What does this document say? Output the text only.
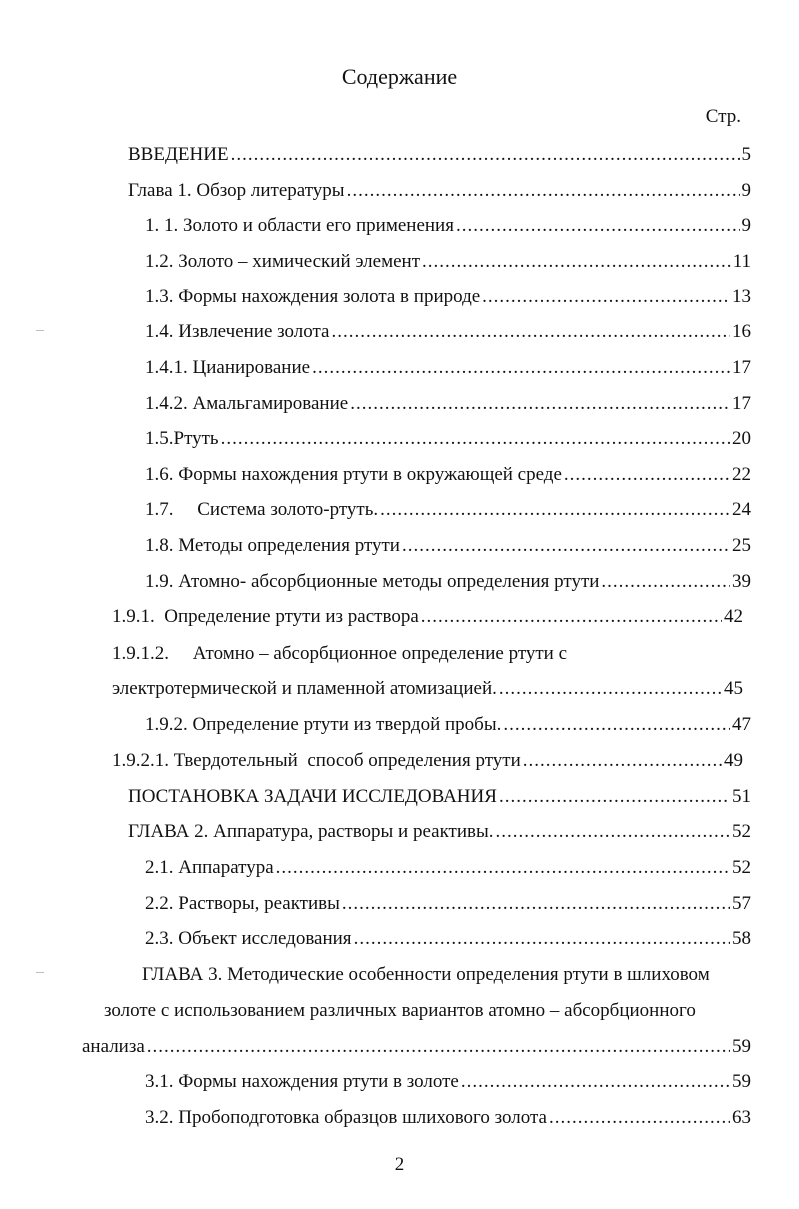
Содержание
Стр.
ВВЕДЕНИЕ .....	5
Глава 1. Обзор литературы .....	9
1. 1. Золото и области его применения .....	9
1.2. Золото – химический элемент .....	11
1.3. Формы нахождения золота в природе .....	13
1.4. Извлечение золота .....	16
1.4.1. Цианирование .....	17
1.4.2. Амальгамирование .....	17
1.5.Ртуть .....	20
1.6. Формы нахождения ртути в окружающей среде .....	22
1.7.     Система золото-ртуть. .....	24
1.8. Методы определения ртути .....	25
1.9. Атомно- абсорбционные методы определения ртути .....	39
1.9.1.  Определение ртути из раствора .....	42
1.9.1.2.     Атомно – абсорбционное определение ртути с
электротермической и пламенной атомизацией. .....	45
1.9.2. Определение ртути из твердой пробы. .....	47
1.9.2.1. Твердотельный  способ определения ртути .....	49
ПОСТАНОВКА ЗАДАЧИ ИССЛЕДОВАНИЯ .....	51
ГЛАВА 2. Аппаратура, растворы и реактивы. .....	52
2.1. Аппаратура .....	52
2.2. Растворы, реактивы .....	57
2.3. Объект исследования .....	58
ГЛАВА 3. Методические особенности определения ртути в шлиховом
золоте с использованием различных вариантов атомно – абсорбционного
анализа .....	59
3.1. Формы нахождения ртути в золоте .....	59
3.2. Пробоподготовка образцов шлихового золота .....	63
2
